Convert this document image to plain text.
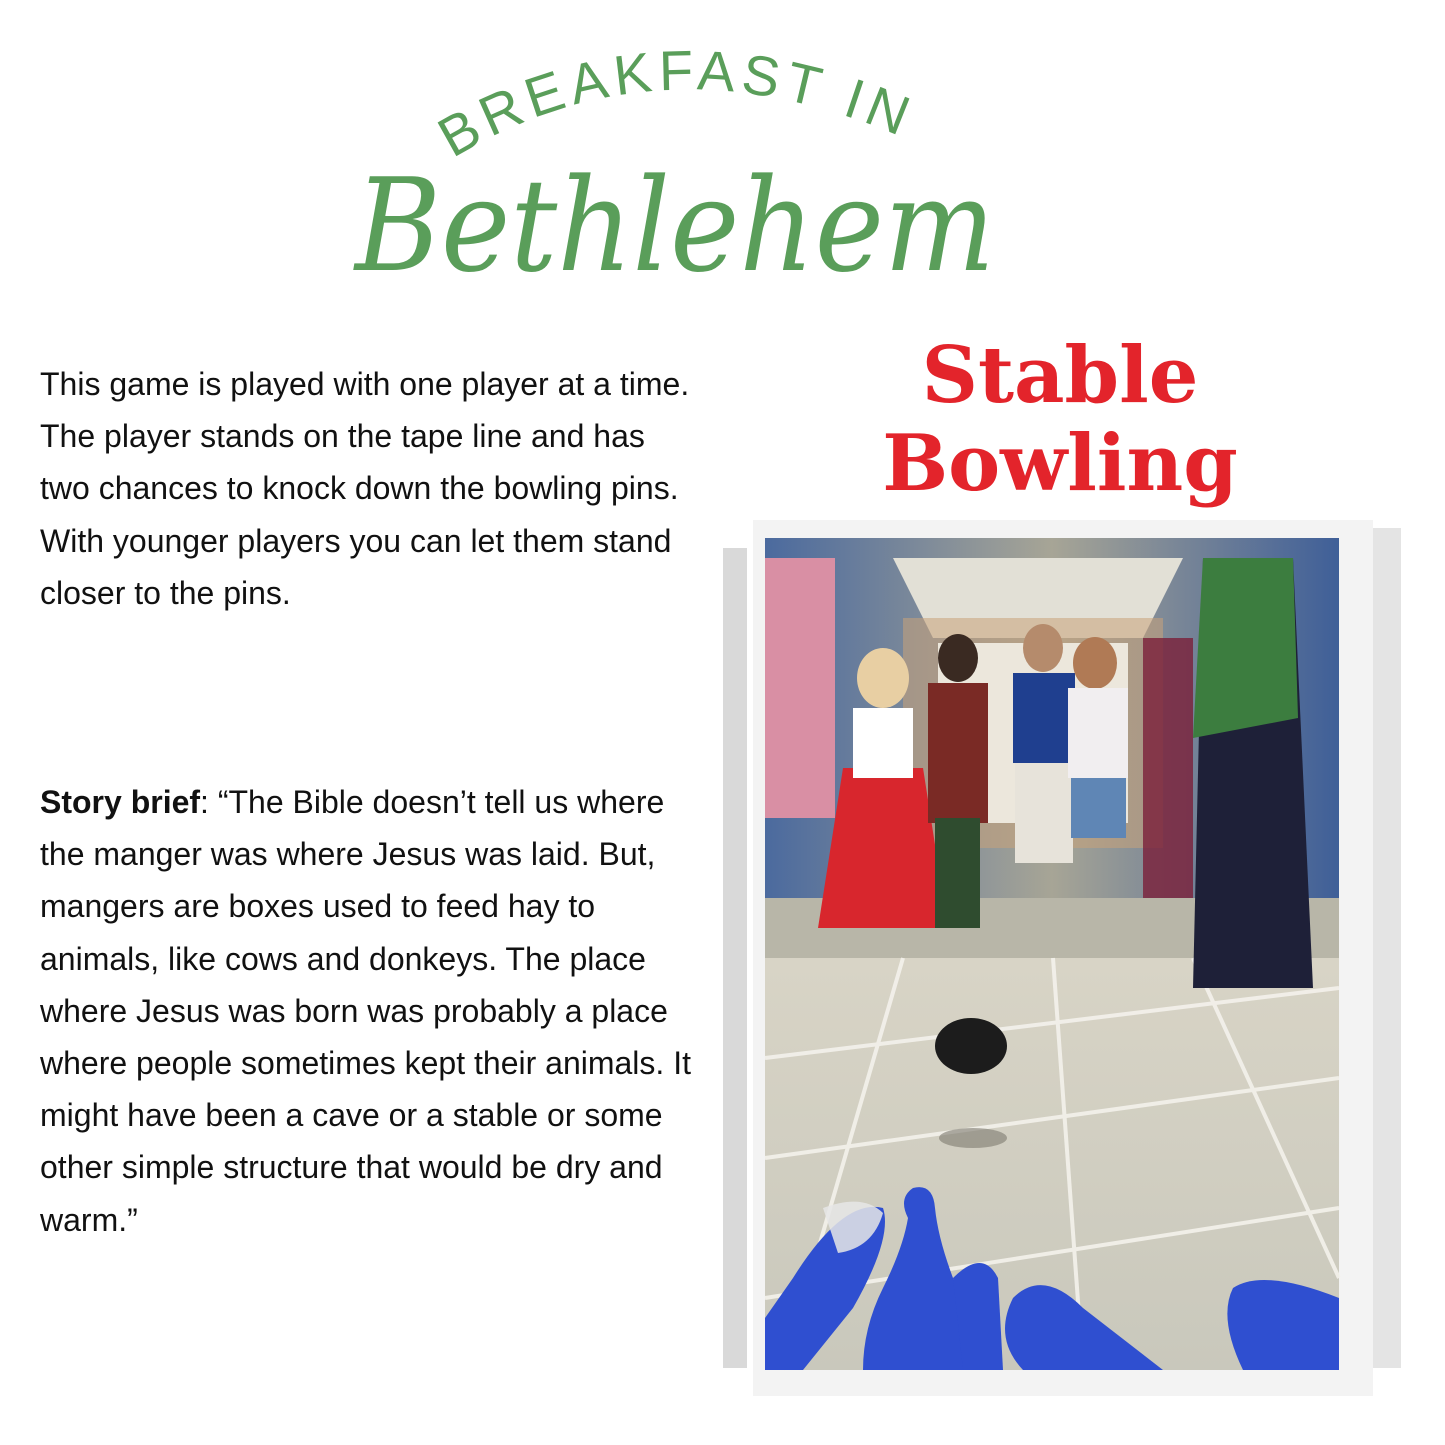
BREAKFAST IN
Bethlehem

This game is played with one player at a time. The player stands on the tape line and has two chances to knock down the bowling pins. With younger players you can let them stand closer to the pins.

Story brief: “The Bible doesn’t tell us where the manger was where Jesus was laid. But, mangers are boxes used to feed hay to animals, like cows and donkeys. The place where Jesus was born was probably a place where people sometimes kept their animals. It might have been a cave or a stable or some other simple structure that would be dry and warm.”

Stable
Bowling
